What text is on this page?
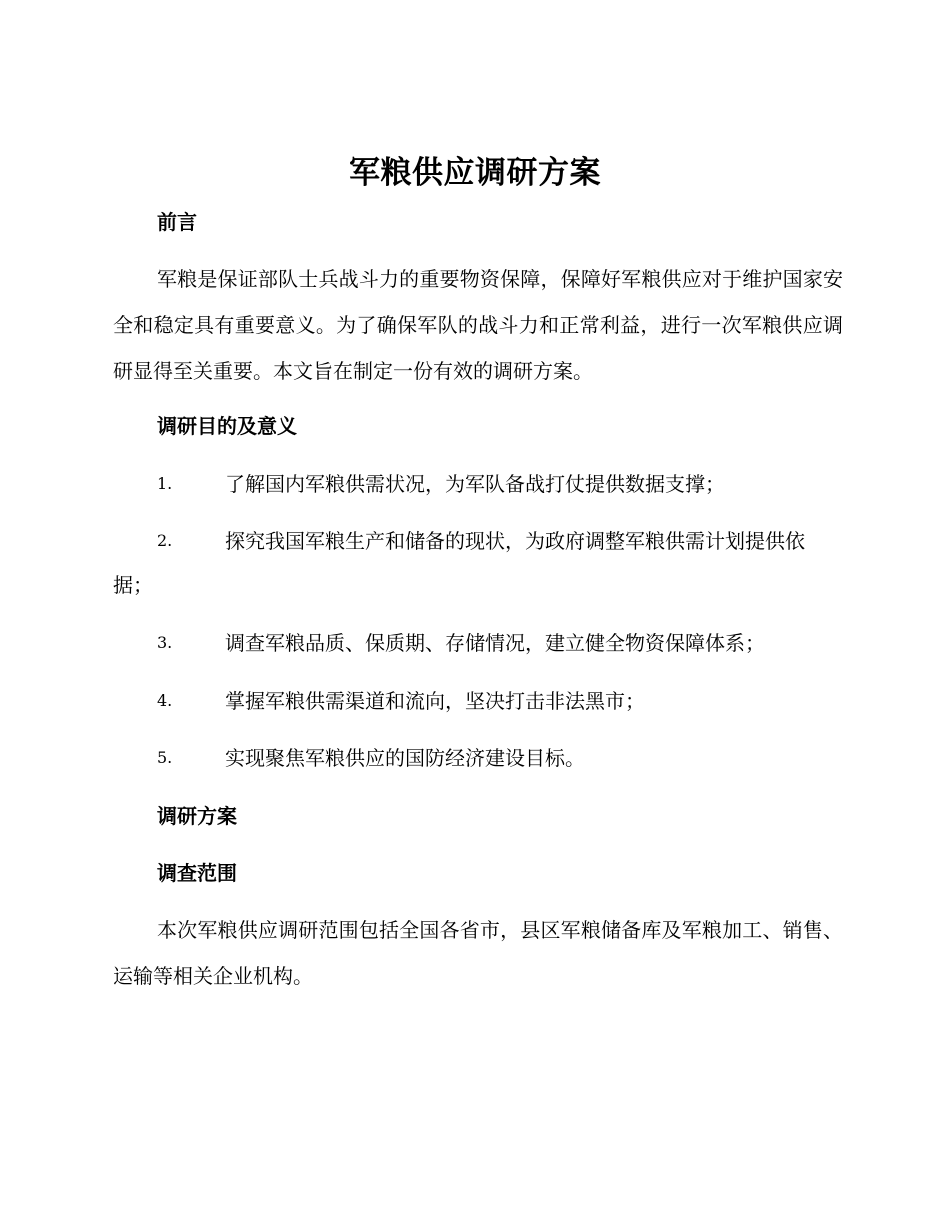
军粮供应调研方案
前言
军粮是保证部队士兵战斗力的重要物资保障，保障好军粮供应对于维护国家安全和稳定具有重要意义。为了确保军队的战斗力和正常利益，进行一次军粮供应调研显得至关重要。本文旨在制定一份有效的调研方案。
调研目的及意义
1.	了解国内军粮供需状况，为军队备战打仗提供数据支撑；
2.	探究我国军粮生产和储备的现状，为政府调整军粮供需计划提供依据；
3.	调查军粮品质、保质期、存储情况，建立健全物资保障体系；
4.	掌握军粮供需渠道和流向，坚决打击非法黑市；
5.	实现聚焦军粮供应的国防经济建设目标。
调研方案
调查范围
本次军粮供应调研范围包括全国各省市，县区军粮储备库及军粮加工、销售、运输等相关企业机构。
